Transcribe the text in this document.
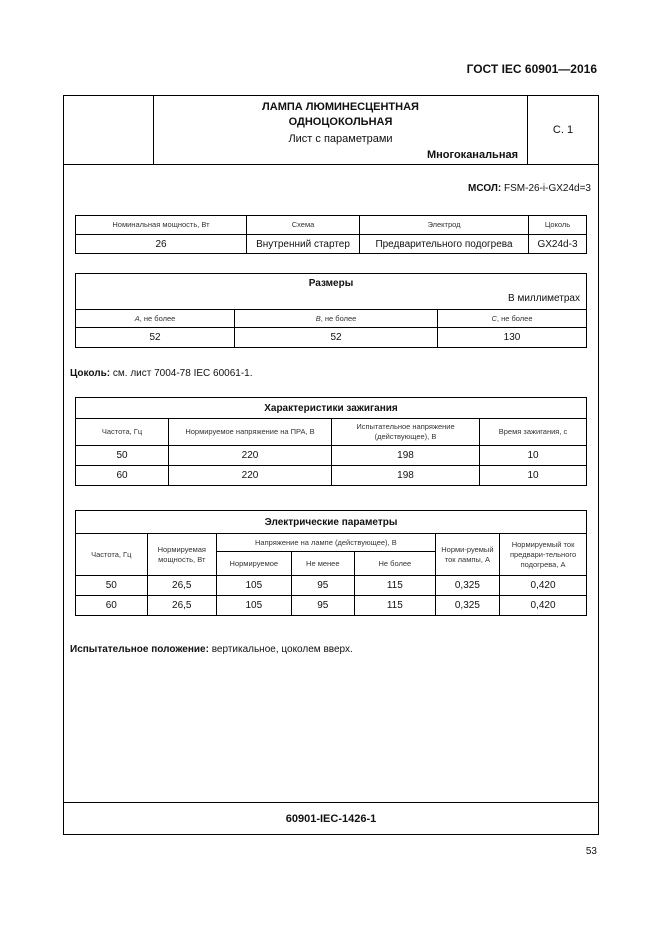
ГОСТ IEC 60901—2016
ЛАМПА ЛЮМИНЕСЦЕНТНАЯ
ОДНОЦОКОЛЬНАЯ
Лист с параметрами
Многоканальная
С. 1
60901-IEC-1426-1
МСОЛ: FSM-26-i-GX24d=3
Номинальная мощность, Вт	Схема	Электрод	Цоколь
26	Внутренний стартер	Предварительного подогрева	GX24d-3
Размеры
В миллиметрах		

A, не более	B, не более	C, не более
52	52	130
Цоколь: см. лист 7004-78 IEC 60061-1.
Характеристики зажигания			
Частота, Гц	Нормируемое напряжение на ПРА, В	Испытательное напряжение (действующее), В	Время зажигания, с
50	220	198	10
60	220	198	10
Электрические параметры						
Частота, Гц	Нормируемая мощность, Вт	Напряжение на лампе (действующее), В			Норми-руемый ток лампы, А	Нормируемый ток предвари-тельного подогрева, А
		Нормируемое	Не менее	Не более		
50	26,5	105	95	115	0,325	0,420
60	26,5	105	95	115	0,325	0,420
Испытательное положение: вертикальное, цоколем вверх.
53
